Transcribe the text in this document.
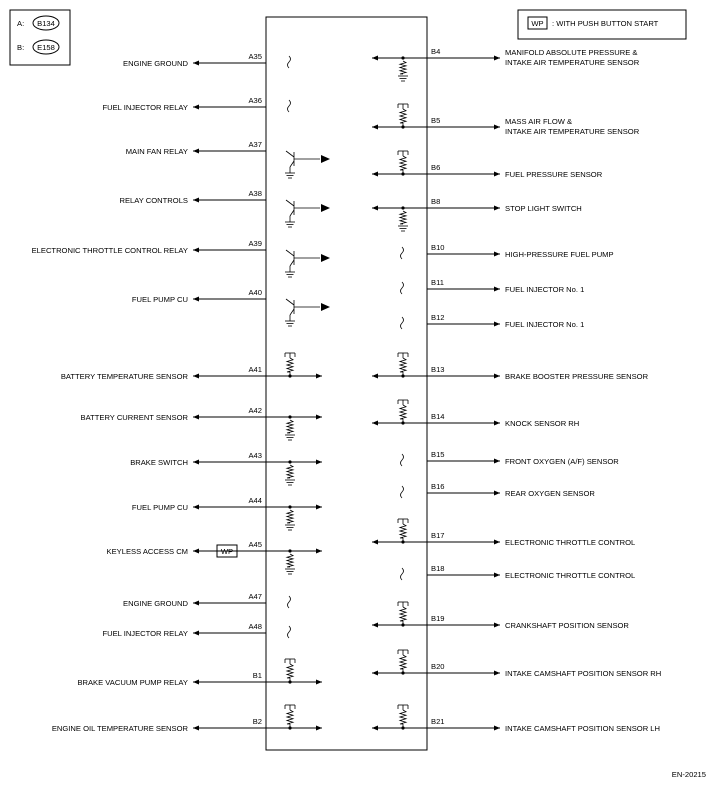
A: B134
B: E158
WP : WITH PUSH BUTTON START
A35
ENGINE GROUND
A36
FUEL INJECTOR RELAY
A37
MAIN FAN RELAY
A38
RELAY CONTROLS
A39
ELECTRONIC THROTTLE CONTROL RELAY
A40
FUEL PUMP CU
A41
BATTERY TEMPERATURE SENSOR
A42
BATTERY CURRENT SENSOR
A43
BRAKE SWITCH
A44
FUEL PUMP CU
A45
KEYLESS ACCESS CM	WP
A47
ENGINE GROUND
A48
FUEL INJECTOR RELAY
B1
BRAKE VACUUM PUMP RELAY
B2
ENGINE OIL TEMPERATURE SENSOR
B4	MANIFOLD ABSOLUTE PRESSURE &
INTAKE AIR TEMPERATURE SENSOR
B5	MASS AIR FLOW &
INTAKE AIR TEMPERATURE SENSOR
B6
FUEL PRESSURE SENSOR
B8
STOP LIGHT SWITCH
B10
HIGH-PRESSURE FUEL PUMP
B11
FUEL INJECTOR No. 1
B12
FUEL INJECTOR No. 1
B13
BRAKE BOOSTER PRESSURE SENSOR
B14
KNOCK SENSOR RH
B15
FRONT OXYGEN (A/F) SENSOR
B16
REAR OXYGEN SENSOR
B17
ELECTRONIC THROTTLE CONTROL
B18
ELECTRONIC THROTTLE CONTROL
B19
CRANKSHAFT POSITION SENSOR
B20
INTAKE CAMSHAFT POSITION SENSOR RH
B21
INTAKE CAMSHAFT POSITION SENSOR LH
EN-20215
